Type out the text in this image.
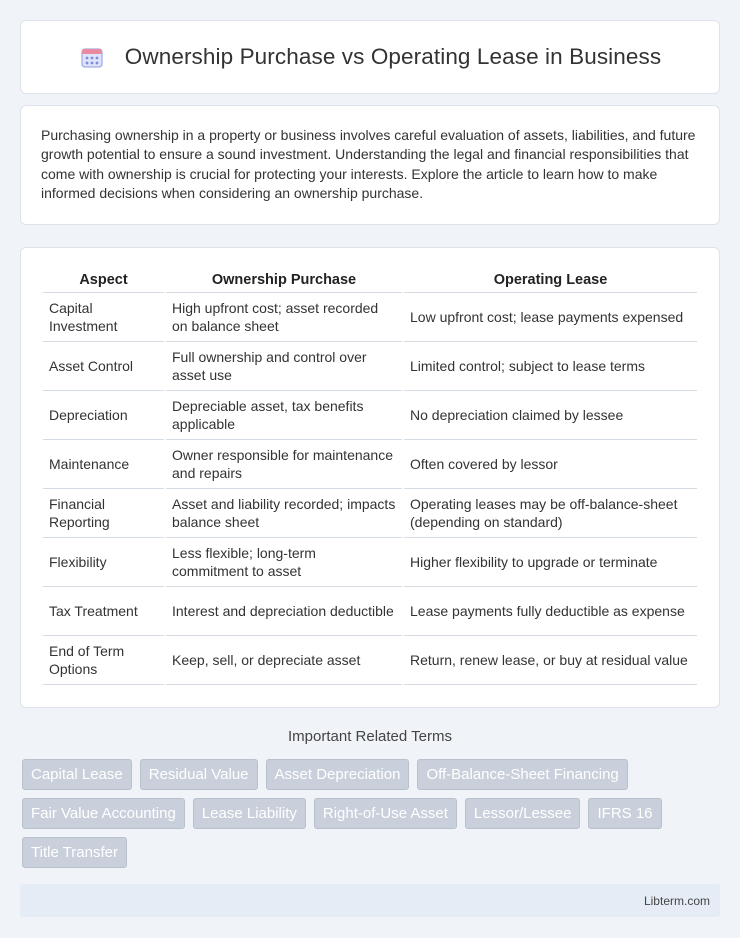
Ownership Purchase vs Operating Lease in Business

Purchasing ownership in a property or business involves careful evaluation of assets, liabilities, and future growth potential to ensure a sound investment. Understanding the legal and financial responsibilities that come with ownership is crucial for protecting your interests. Explore the article to learn how to make informed decisions when considering an ownership purchase.

Aspect	Ownership Purchase	Operating Lease
Capital Investment	High upfront cost; asset recorded on balance sheet	Low upfront cost; lease payments expensed
Asset Control	Full ownership and control over asset use	Limited control; subject to lease terms
Depreciation	Depreciable asset, tax benefits applicable	No depreciation claimed by lessee
Maintenance	Owner responsible for maintenance and repairs	Often covered by lessor
Financial Reporting	Asset and liability recorded; impacts balance sheet	Operating leases may be off-balance-sheet (depending on standard)
Flexibility	Less flexible; long-term commitment to asset	Higher flexibility to upgrade or terminate
Tax Treatment	Interest and depreciation deductible	Lease payments fully deductible as expense
End of Term Options	Keep, sell, or depreciate asset	Return, renew lease, or buy at residual value
Important Related Terms
Capital Lease	Residual Value	Asset Depreciation	Off-Balance-Sheet Financing
Fair Value Accounting	Lease Liability	Right-of-Use Asset	Lessor/Lessee	IFRS 16
Title Transfer
Libterm.com
